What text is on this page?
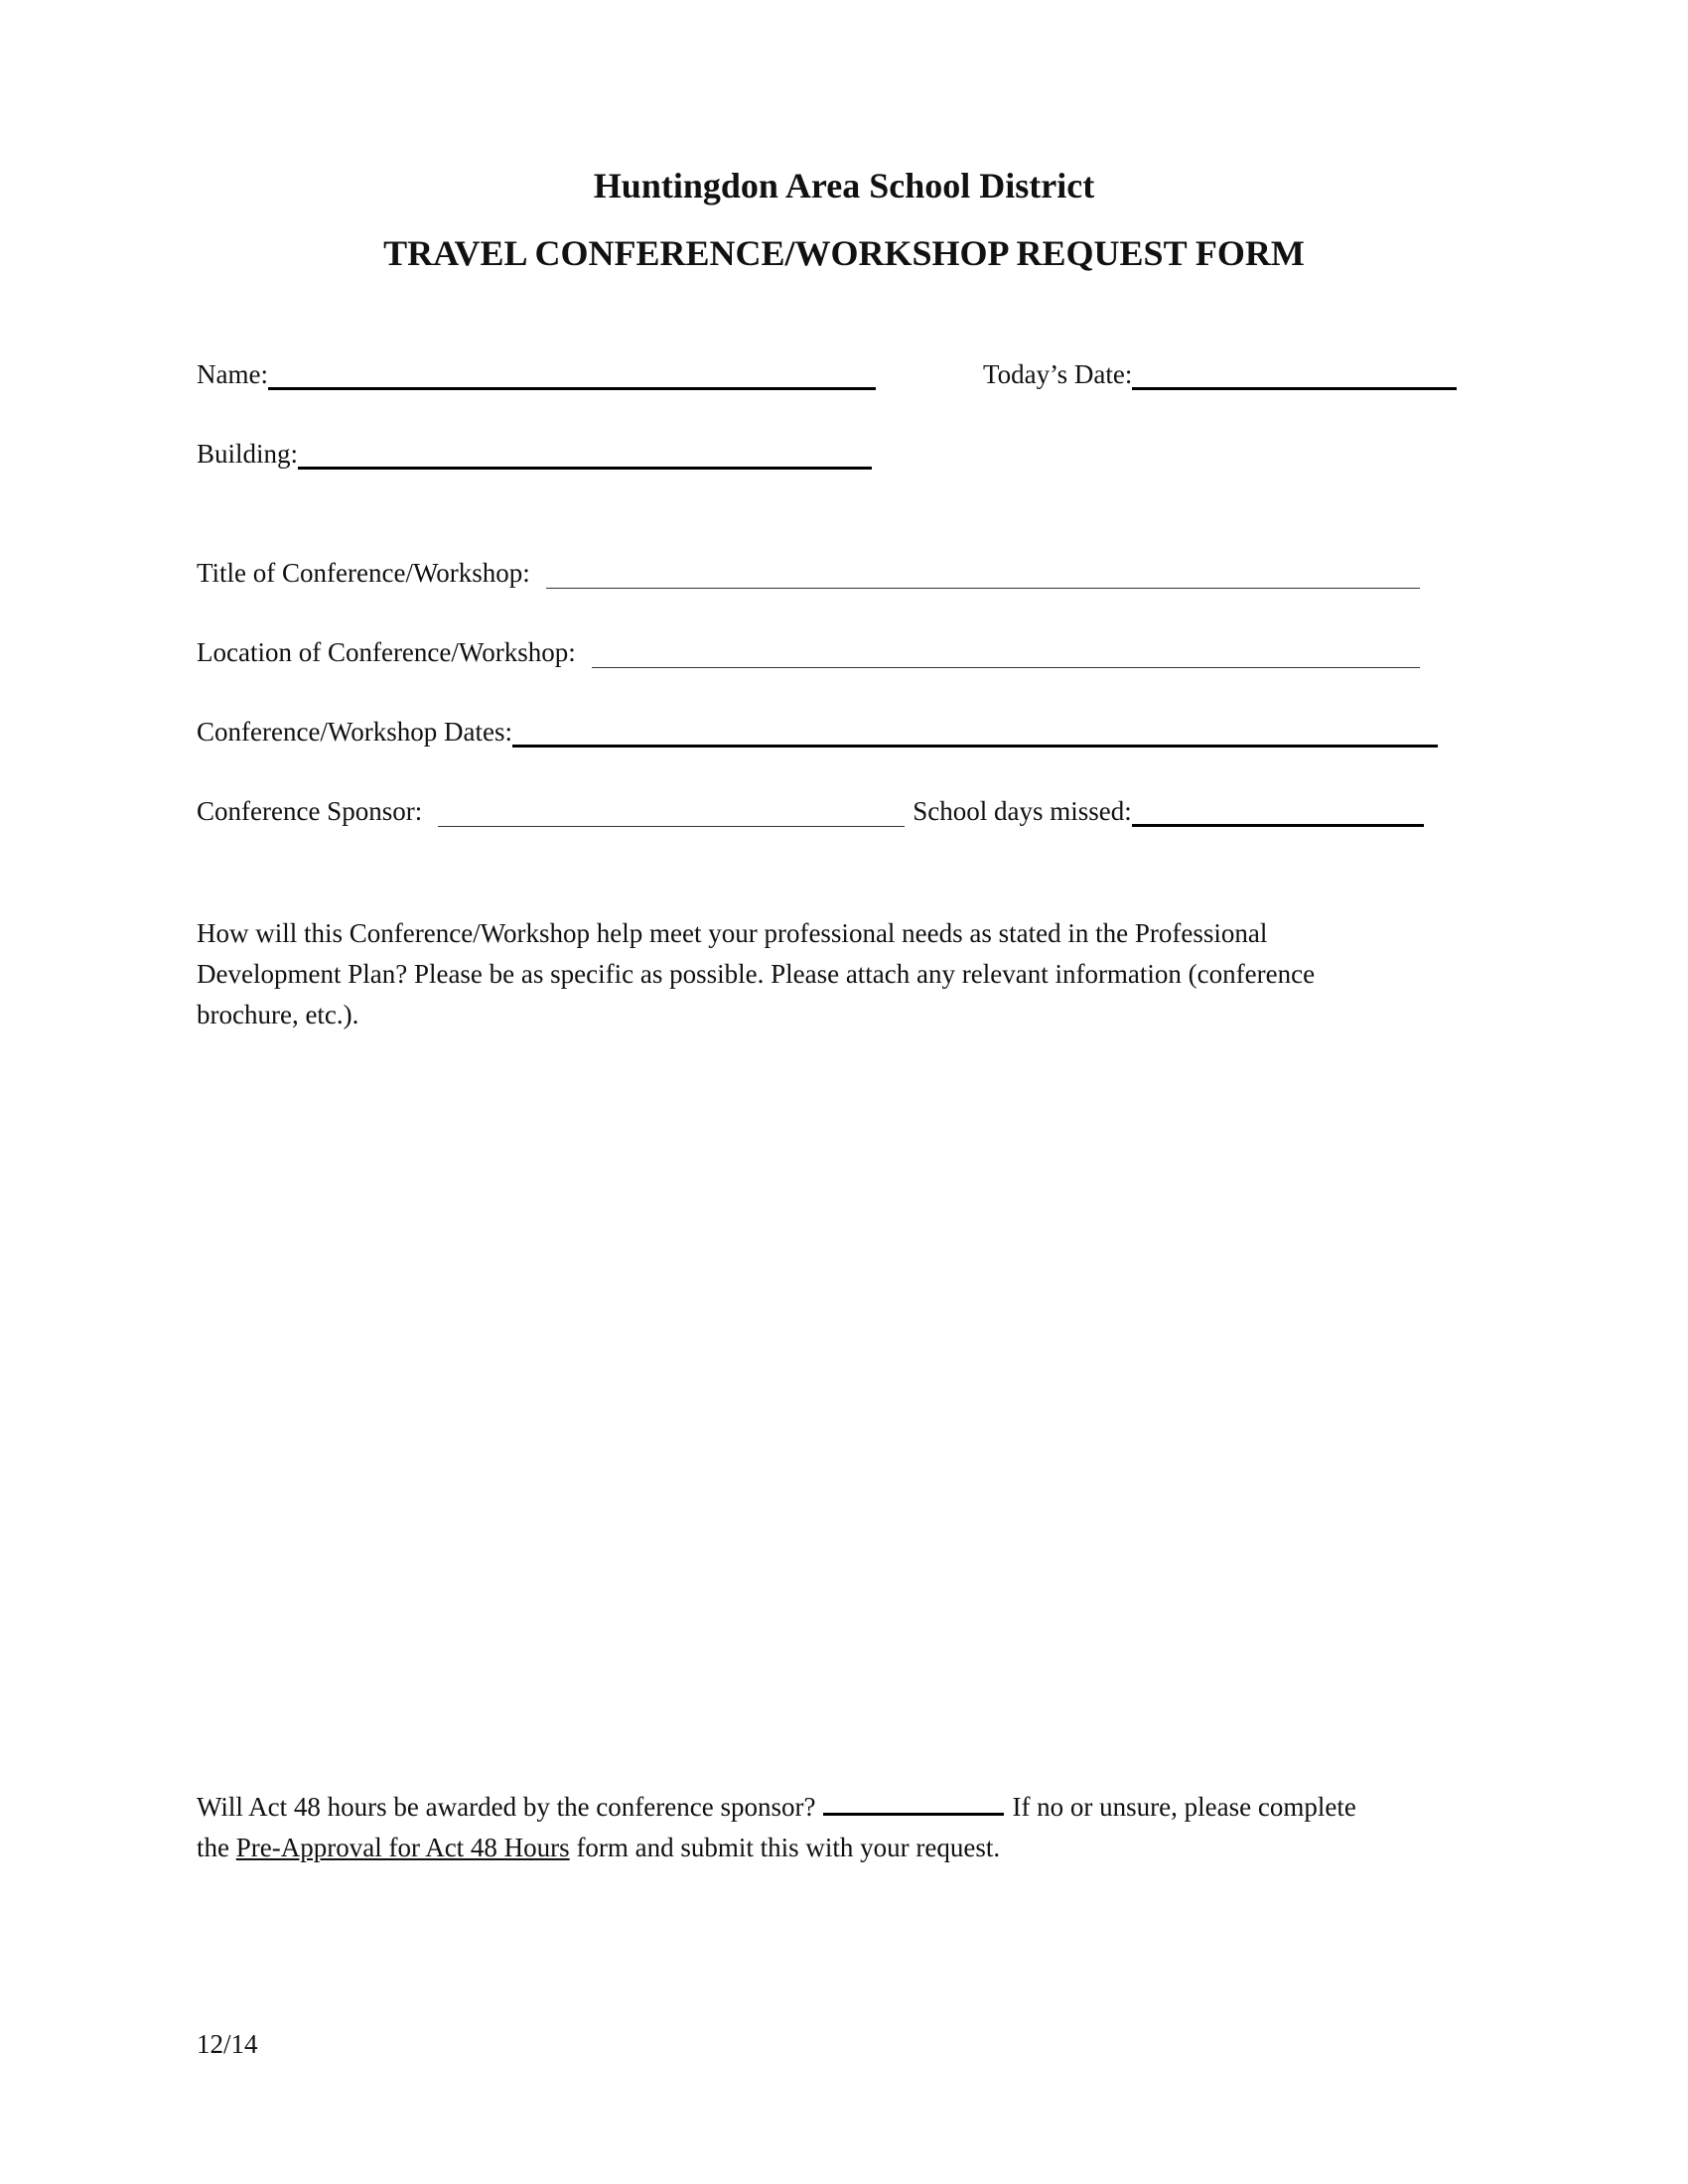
Huntingdon Area School District
TRAVEL CONFERENCE/WORKSHOP REQUEST FORM
Name:	Today’s Date:
Building:
Title of Conference/Workshop:
Location of Conference/Workshop:
Conference/Workshop Dates:
Conference Sponsor:	School days missed:
How will this Conference/Workshop help meet your professional needs as stated in the Professional
Development Plan? Please be as specific as possible. Please attach any relevant information (conference
brochure, etc.).
Will Act 48 hours be awarded by the conference sponsor?	If no or unsure, please complete
the Pre-Approval for Act 48 Hours form and submit this with your request.
12/14
